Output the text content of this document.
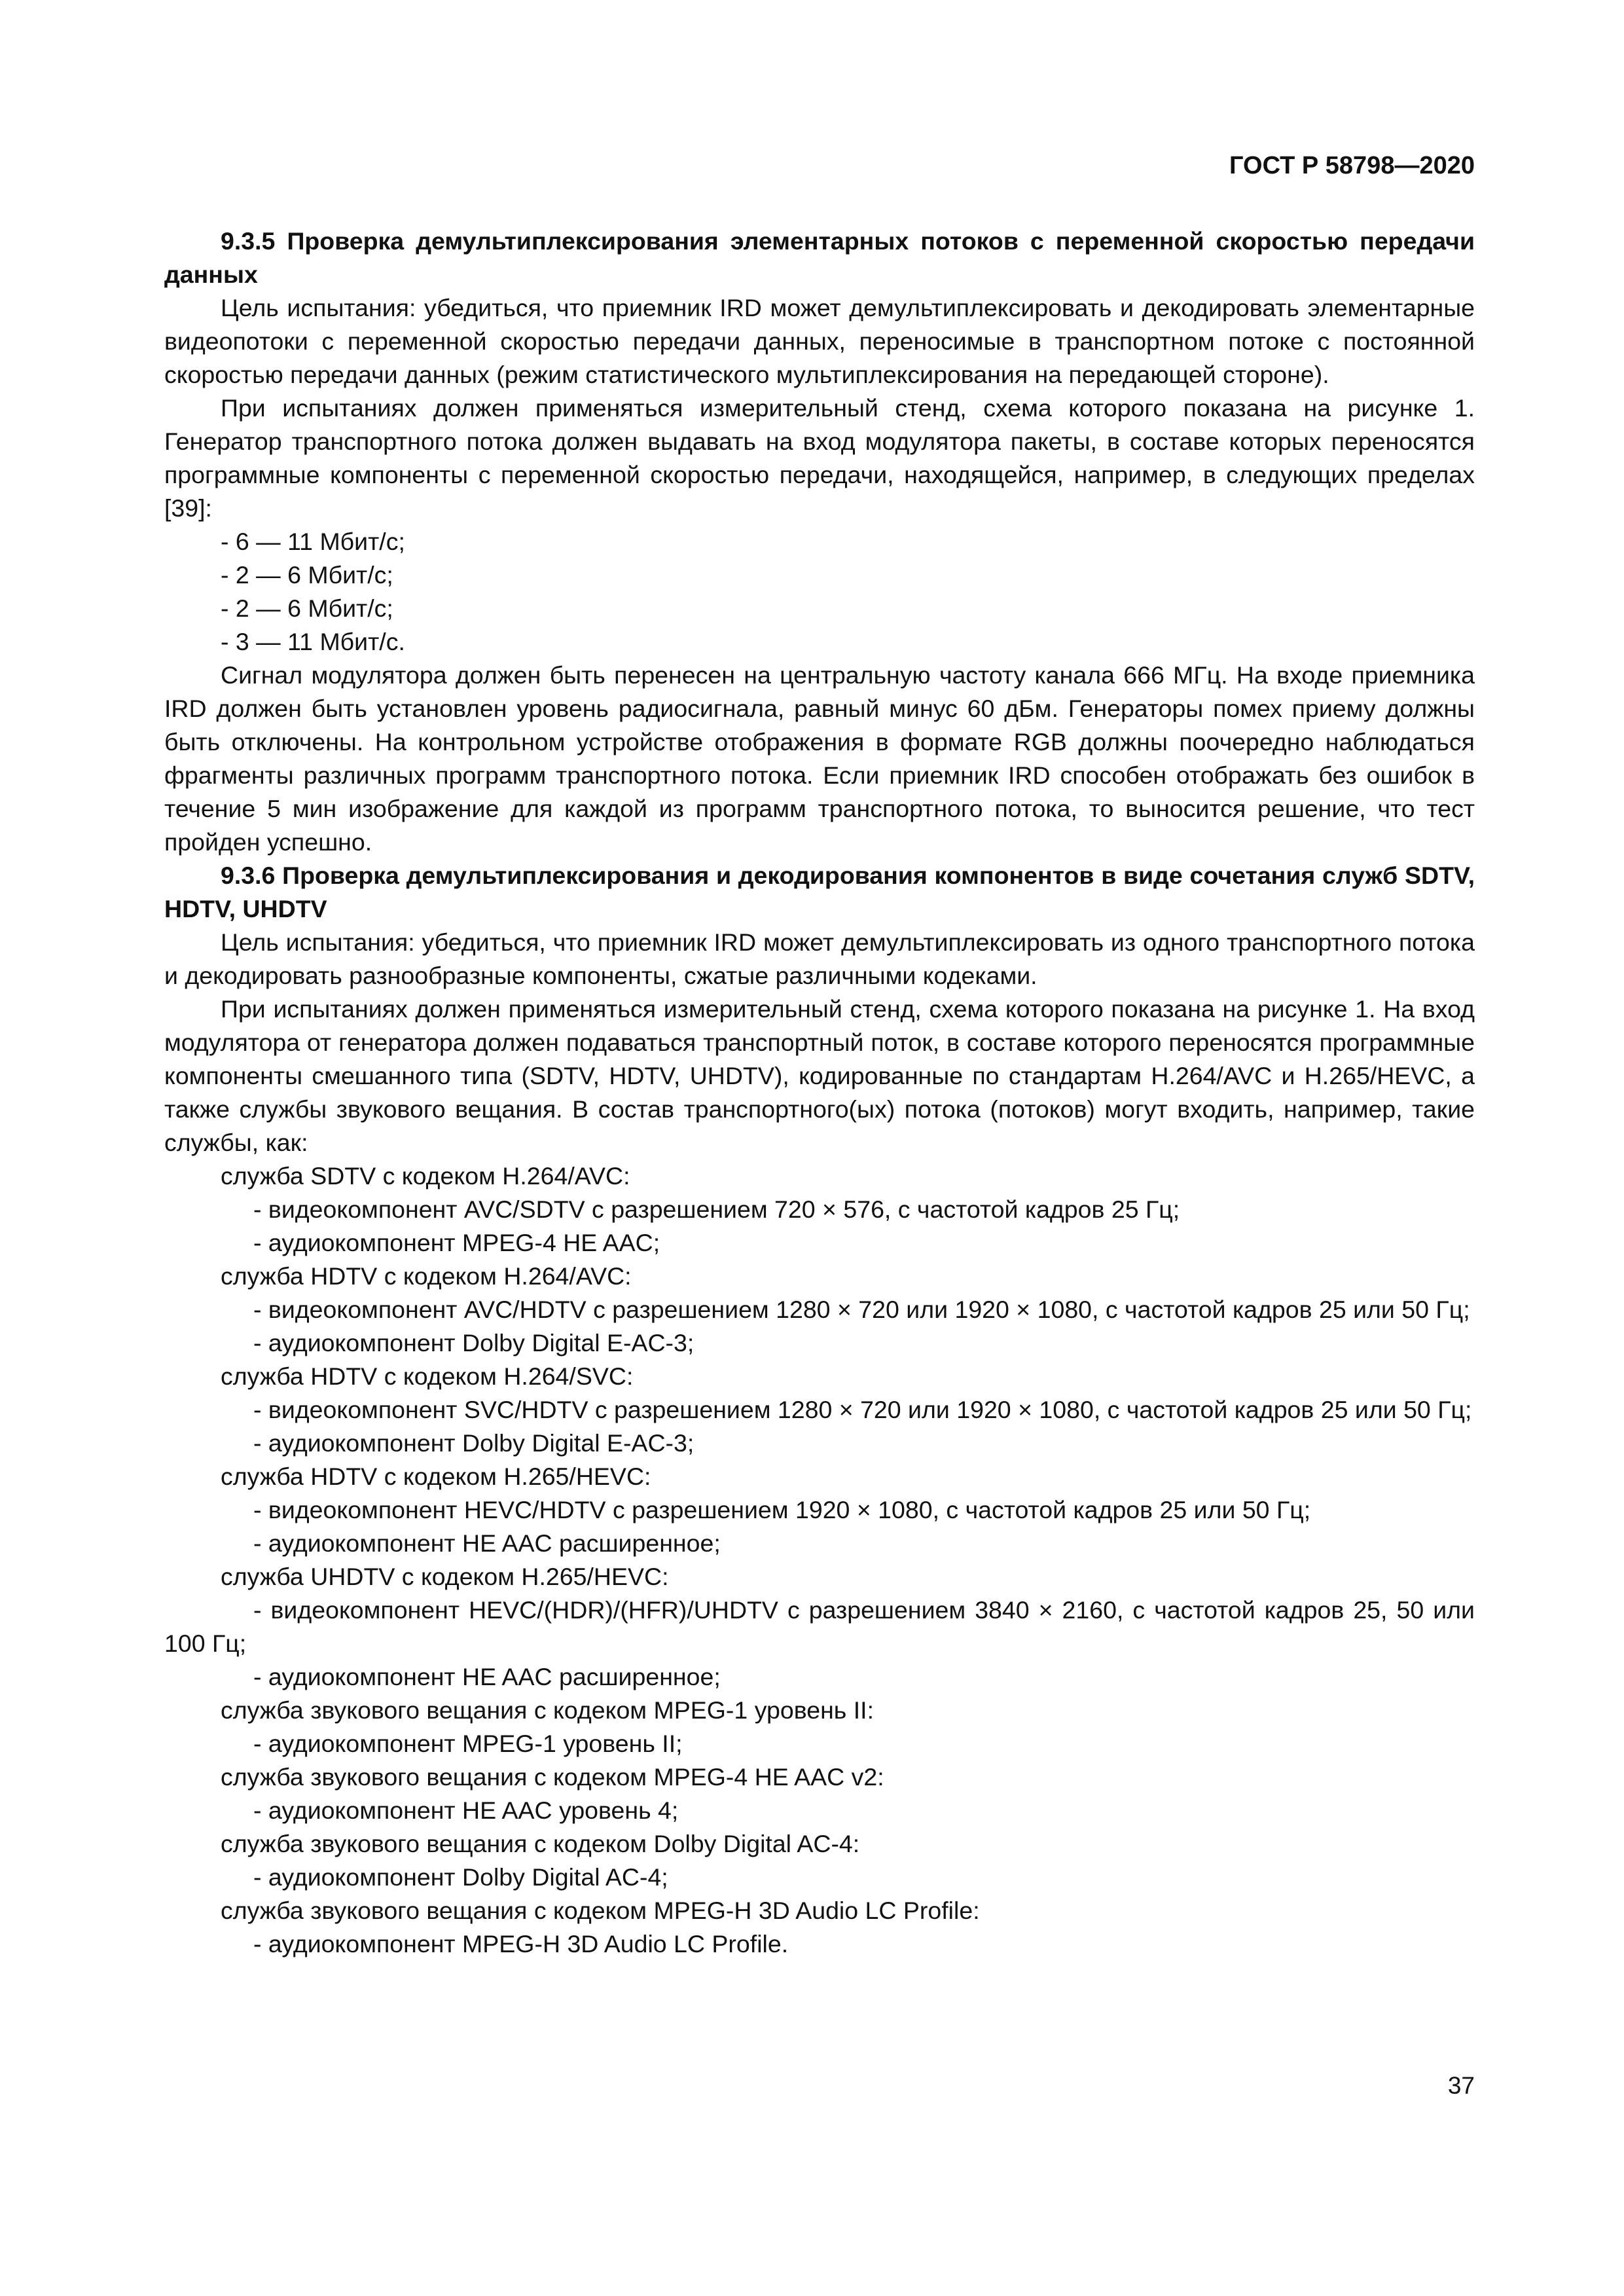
ГОСТ Р 58798—2020

9.3.5 Проверка демультиплексирования элементарных потоков с переменной скоростью передачи данных

Цель испытания: убедиться, что приемник IRD может демультиплексировать и декодировать элементарные видеопотоки с переменной скоростью передачи данных, переносимые в транспортном потоке с постоянной скоростью передачи данных (режим статистического мультиплексирования на передающей стороне).

При испытаниях должен применяться измерительный стенд, схема которого показана на рисунке 1. Генератор транспортного потока должен выдавать на вход модулятора пакеты, в составе которых переносятся программные компоненты с переменной скоростью передачи, находящейся, например, в следующих пределах [39]:

- 6 — 11 Мбит/с;

- 2 — 6 Мбит/с;

- 2 — 6 Мбит/с;

- 3 — 11 Мбит/с.

Сигнал модулятора должен быть перенесен на центральную частоту канала 666 МГц. На входе приемника IRD должен быть установлен уровень радиосигнала, равный минус 60 дБм. Генераторы помех приему должны быть отключены. На контрольном устройстве отображения в формате RGB должны поочередно наблюдаться фрагменты различных программ транспортного потока. Если приемник IRD способен отображать без ошибок в течение 5 мин изображение для каждой из программ транспортного потока, то выносится решение, что тест пройден успешно.

9.3.6 Проверка демультиплексирования и декодирования компонентов в виде сочетания служб SDTV, HDTV, UHDTV

Цель испытания: убедиться, что приемник IRD может демультиплексировать из одного транспортного потока и декодировать разнообразные компоненты, сжатые различными кодеками.

При испытаниях должен применяться измерительный стенд, схема которого показана на рисунке 1. На вход модулятора от генератора должен подаваться транспортный поток, в составе которого переносятся программные компоненты смешанного типа (SDTV, HDTV, UHDTV), кодированные по стандартам H.264/AVC и H.265/HEVC, а также службы звукового вещания. В состав транспортного(ых) потока (потоков) могут входить, например, такие службы, как:

служба SDTV с кодеком H.264/AVC:

- видеокомпонент AVC/SDTV с разрешением 720 × 576, с частотой кадров 25 Гц;

- аудиокомпонент MPEG-4 HE AAC;

служба HDTV с кодеком H.264/AVC:

- видеокомпонент AVC/HDTV с разрешением 1280 × 720 или 1920 × 1080, с частотой кадров 25 или 50 Гц;

- аудиокомпонент Dolby Digital E-AC-3;

служба HDTV с кодеком H.264/SVC:

- видеокомпонент SVC/HDTV с разрешением 1280 × 720 или 1920 × 1080, с частотой кадров 25 или 50 Гц;

- аудиокомпонент Dolby Digital E-AC-3;

служба HDTV с кодеком H.265/HEVC:

- видеокомпонент HEVC/HDTV с разрешением 1920 × 1080, с частотой кадров 25 или 50 Гц;

- аудиокомпонент HE AAC расширенное;

служба UHDTV с кодеком H.265/HEVC:

- видеокомпонент HEVC/(HDR)/(HFR)/UHDTV с разрешением 3840 × 2160, с частотой кадров 25, 50 или 100 Гц;

- аудиокомпонент HE AAC расширенное;

служба звукового вещания с кодеком MPEG-1 уровень II:

- аудиокомпонент MPEG-1 уровень II;

служба звукового вещания с кодеком MPEG-4 HE AAC v2:

- аудиокомпонент HE AAC уровень 4;

служба звукового вещания с кодеком Dolby Digital AC-4:

- аудиокомпонент Dolby Digital AC-4;

служба звукового вещания с кодеком MPEG-H 3D Audio LC Profile:

- аудиокомпонент MPEG-H 3D Audio LC Profile.

37
